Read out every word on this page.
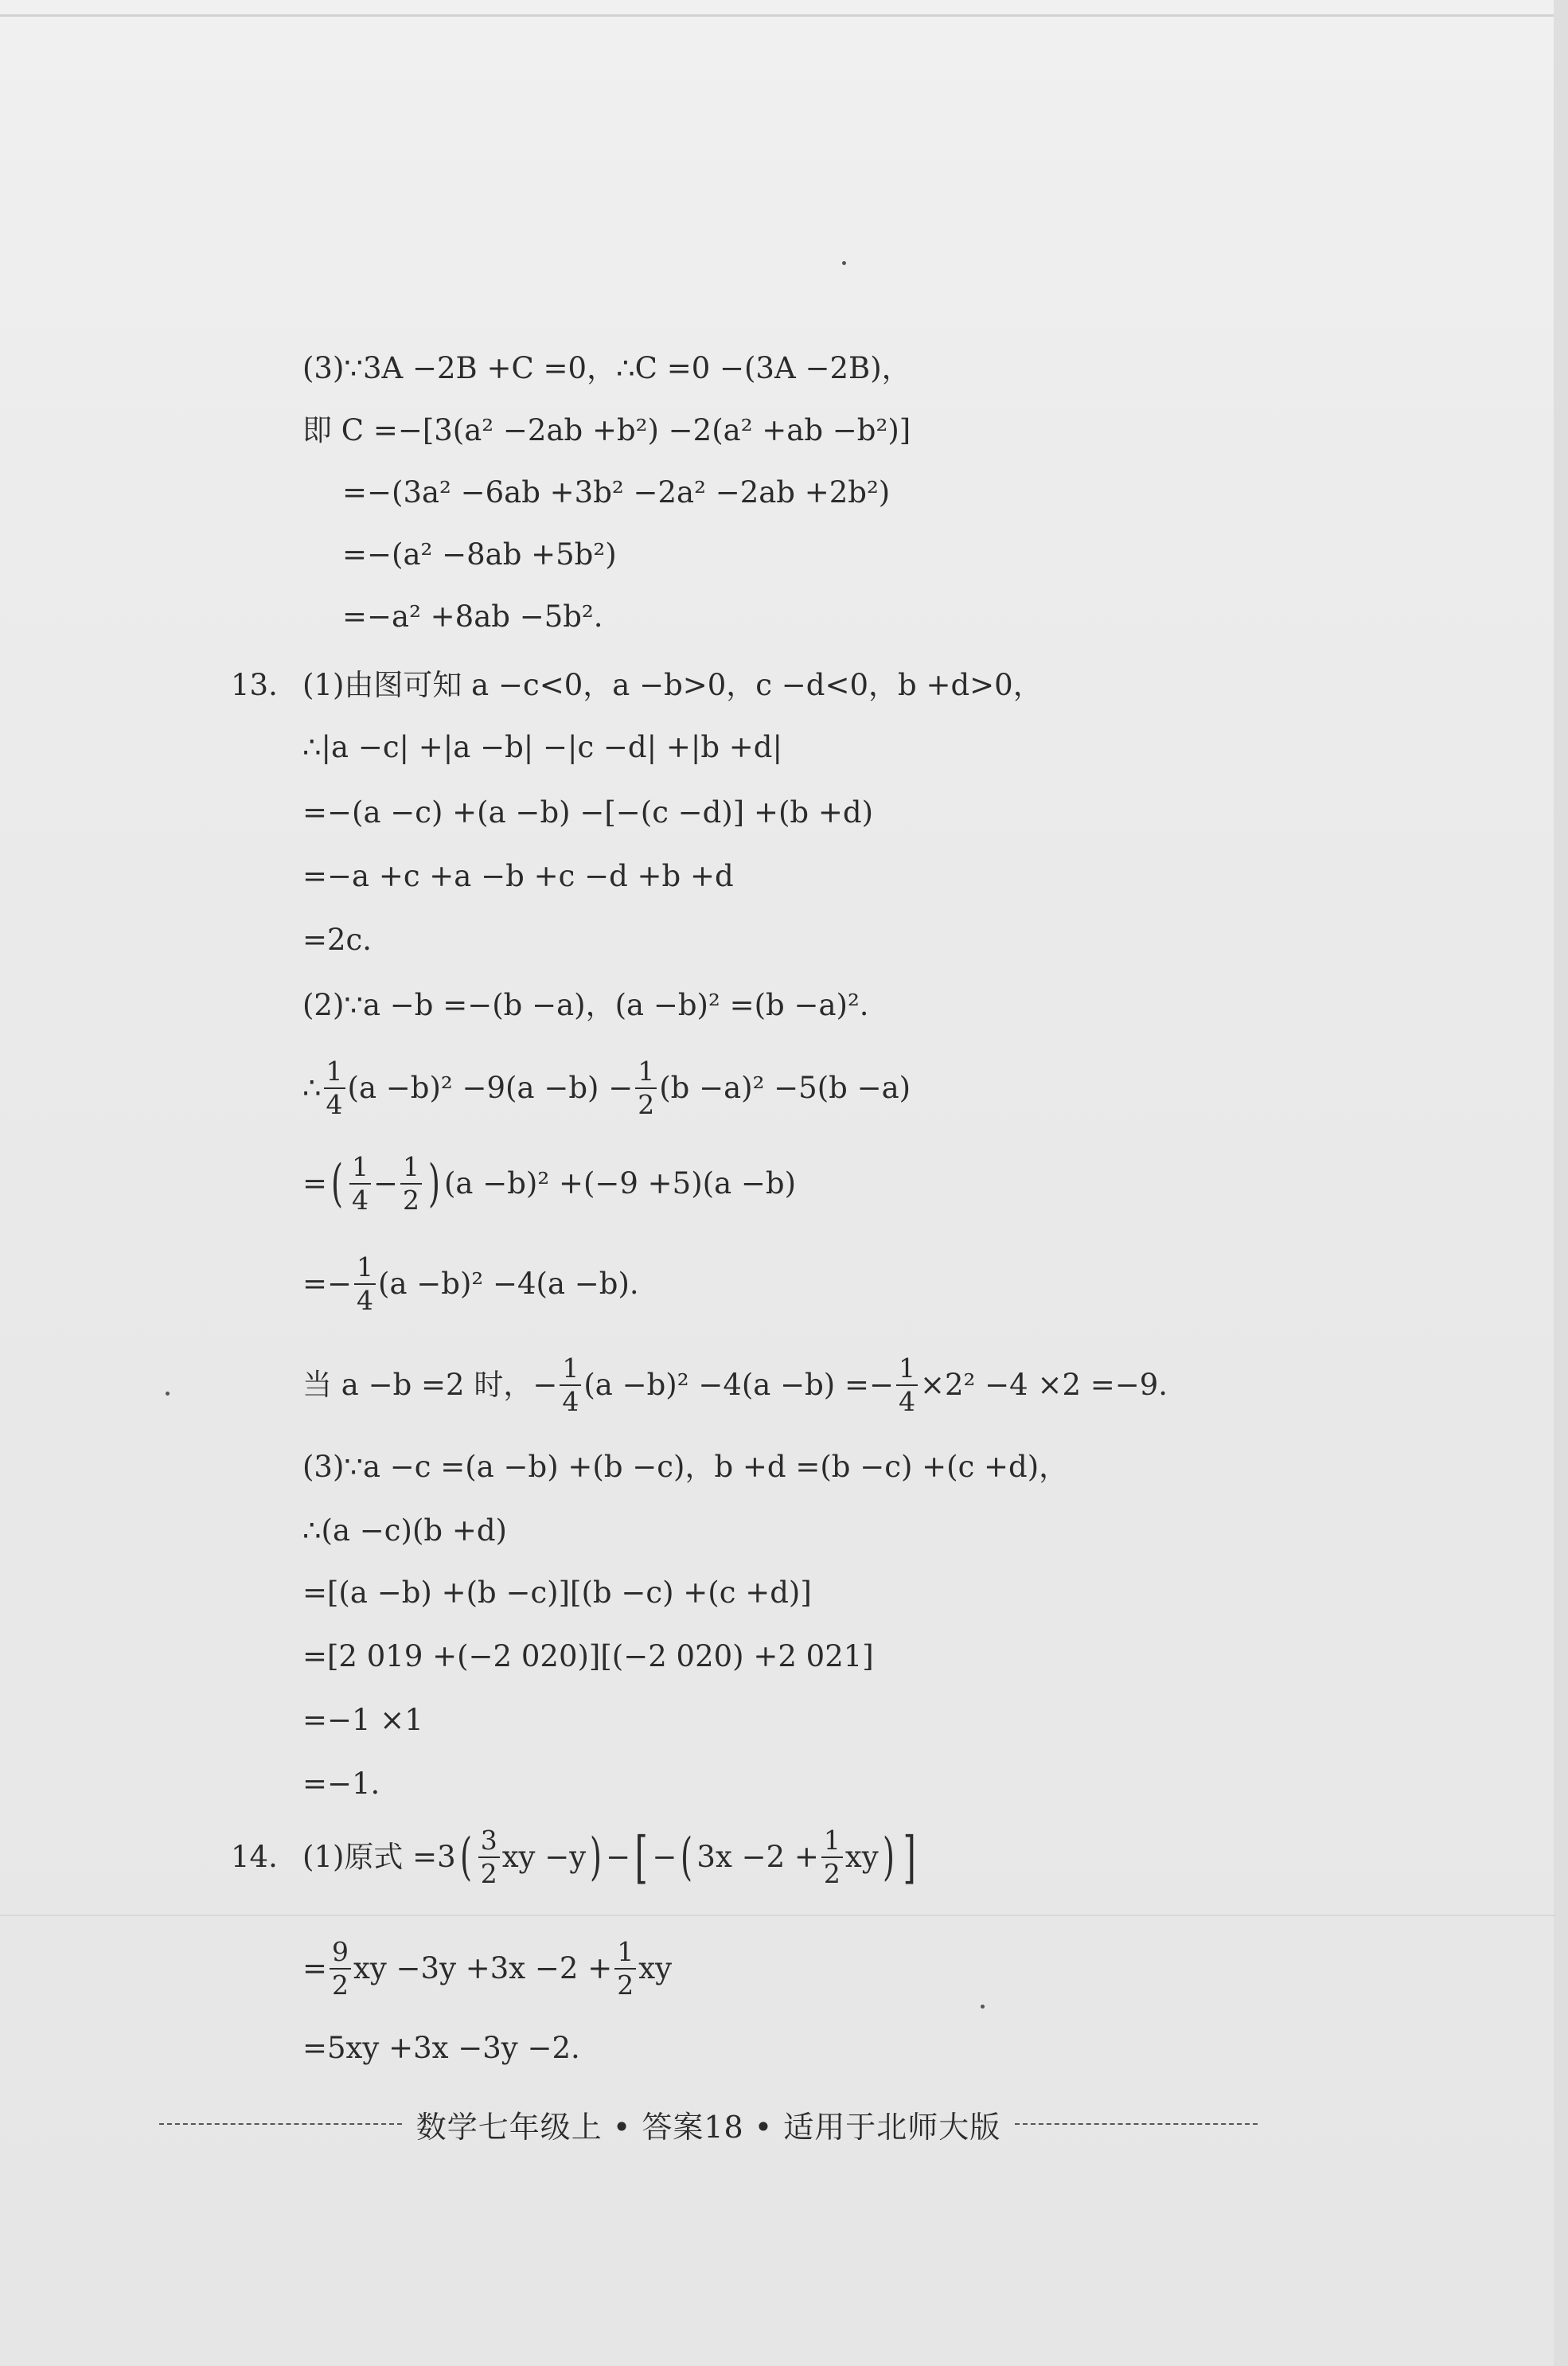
(3)∵3A −2B +C =0，∴C =0 −(3A −2B)，
即 C =−[3(a² −2ab +b²) −2(a² +ab −b²)]
=−(3a² −6ab +3b² −2a² −2ab +2b²)
=−(a² −8ab +5b²)
=−a² +8ab −5b².
13. (1)由图可知 a −c<0，a −b>0，c −d<0，b +d>0，
∴|a −c| +|a −b| −|c −d| +|b +d|
=−(a −c) +(a −b) −[−(c −d)] +(b +d)
=−a +c +a −b +c −d +b +d
=2c.
(2)∵a −b =−(b −a)，(a −b)² =(b −a)².
∴ $\frac{1}{4} (a -b)^2 -9(a -b) - \frac{1}{2} (b -a)^2 -5(b -a)$
= ( $\frac{1}{4} - \frac{1}{2}$ ) (a −b)² +(−9 +5)(a −b)
=− $\frac{1}{4} (a -b)^2 -4(a -b)$.
当 a −b =2 时，− $\frac{1}{4} (a -b)^2 -4(a -b) =- \frac{1}{4} \times 2^2 -4 \times 2 =-9$.
(3)∵a −c =(a −b) +(b −c)，b +d =(b −c) +(c +d)，
∴(a −c)(b +d)
=[(a −b) +(b −c)][(b −c) +(c +d)]
=[2 019 +(−2 020)][(−2 020) +2 021]
=−1 ×1
=−1.
14. (1)原式 =3 ( $\frac{3}{2}$ xy −y ) − [ − ( $3x -2 + \frac{1}{2}$ xy ) ]
= $\frac{9}{2}$ xy $-3y +3x -2 + \frac{1}{2}$ xy
=5xy +3x −3y −2.
数学七年级上 • 答案18 • 适用于北师大版
